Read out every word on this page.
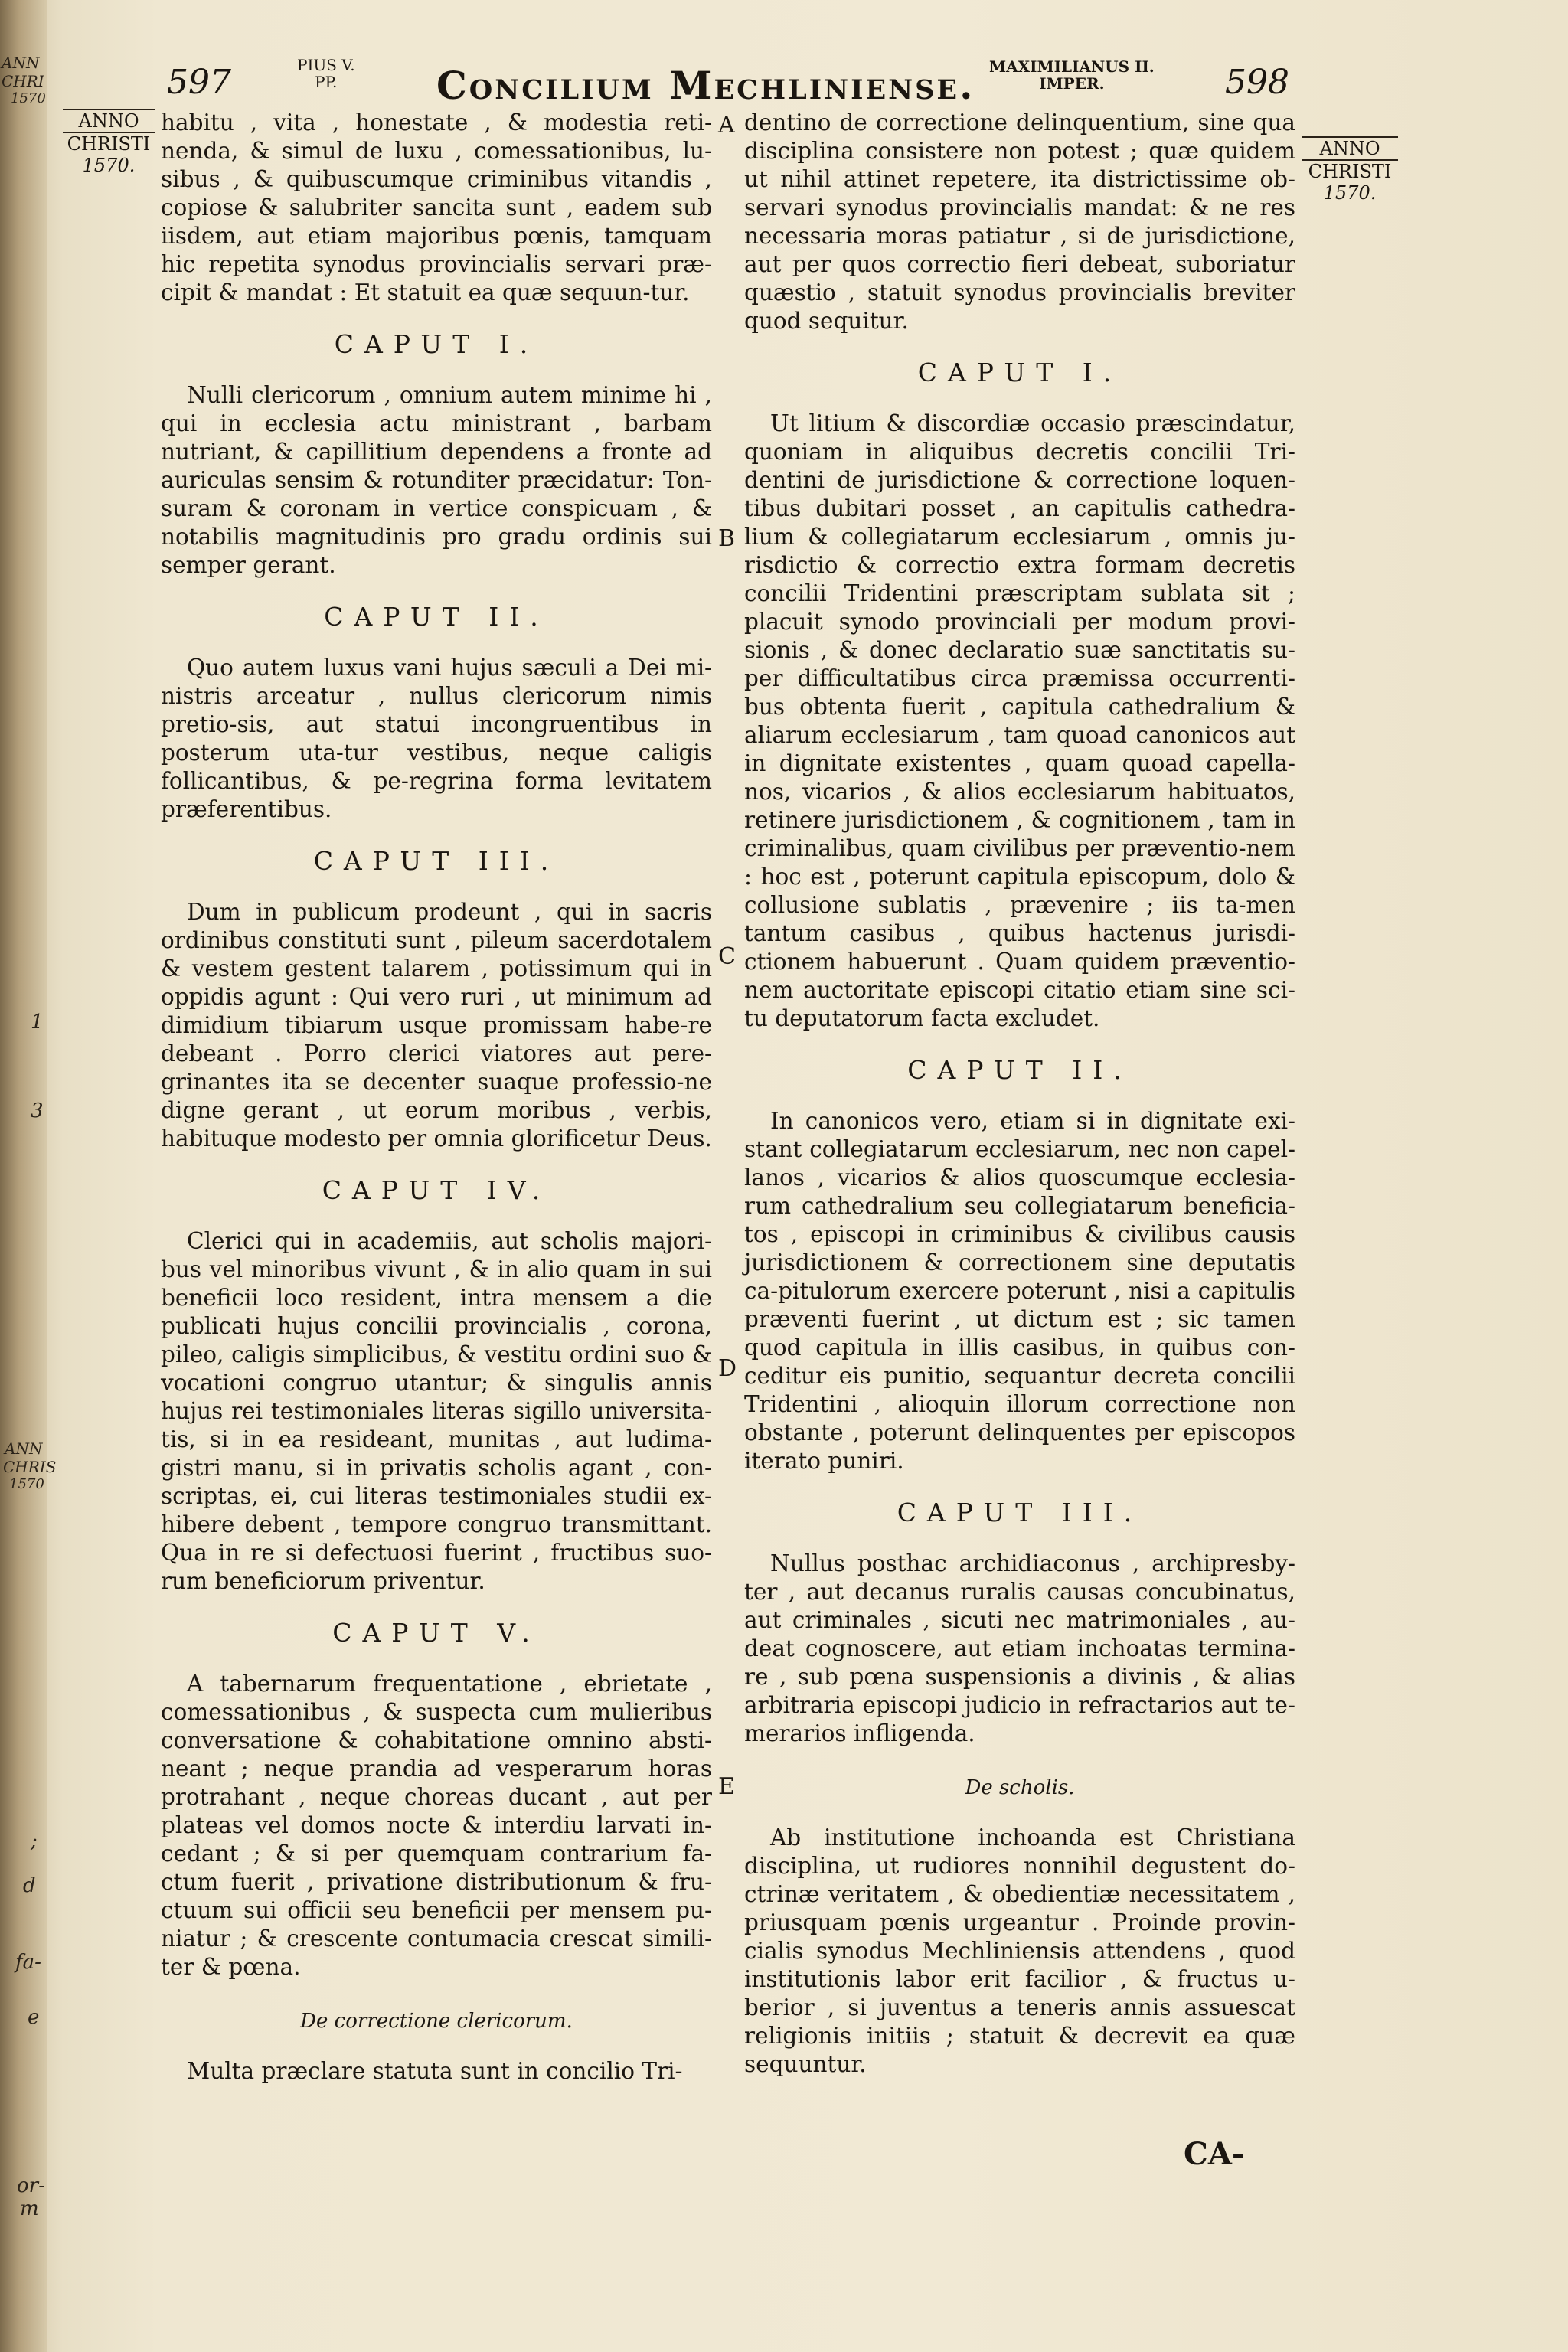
ANN
CHRI
1570
1
3
ANN
CHRIS
1570
;
d
fa-
e
or-
m
597	PIUS V.
PP.	Concilium Mechliniense. MAXIMILIANUS II.
IMPER.	598
ANNO
CHRISTI
1570.
ANNO
CHRISTI
1570.
A
B
C
D
E

habitu , vita , honestate , & modestia reti-nenda, & simul de luxu , comessationibus, lu-sibus , & quibuscumque criminibus vitandis , copiose & salubriter sancita sunt , eadem sub iisdem, aut etiam majoribus pœnis, tamquam hic repetita synodus provincialis servari præ-cipit & mandat : Et statuit ea quæ sequun-tur.

CAPUT I.

Nulli clericorum , omnium autem minime hi , qui in ecclesia actu ministrant , barbam nutriant, & capillitium dependens a fronte ad auriculas sensim & rotunditer præcidatur: Ton-suram & coronam in vertice conspicuam , & notabilis magnitudinis pro gradu ordinis sui semper gerant.

CAPUT II.

Quo autem luxus vani hujus sæculi a Dei mi-nistris arceatur , nullus clericorum nimis pretio-sis, aut statui incongruentibus in posterum uta-tur vestibus, neque caligis follicantibus, & pe-regrina forma levitatem præferentibus.

CAPUT III.

Dum in publicum prodeunt , qui in sacris ordinibus constituti sunt , pileum sacerdotalem & vestem gestent talarem , potissimum qui in oppidis agunt : Qui vero ruri , ut minimum ad dimidium tibiarum usque promissam habe-re debeant . Porro clerici viatores aut pere-grinantes ita se decenter suaque professio-ne digne gerant , ut eorum moribus , verbis, habituque modesto per omnia glorificetur Deus.

CAPUT IV.

Clerici qui in academiis, aut scholis majori-bus vel minoribus vivunt , & in alio quam in sui beneficii loco resident, intra mensem a die publicati hujus concilii provincialis , corona, pileo, caligis simplicibus, & vestitu ordini suo & vocationi congruo utantur; & singulis annis hujus rei testimoniales literas sigillo universita-tis, si in ea resideant, munitas , aut ludima-gistri manu, si in privatis scholis agant , con-scriptas, ei, cui literas testimoniales studii ex-hibere debent , tempore congruo transmittant. Qua in re si defectuosi fuerint , fructibus suo-rum beneficiorum priventur.

CAPUT V.

A tabernarum frequentatione , ebrietate , comessationibus , & suspecta cum mulieribus conversatione & cohabitatione omnino absti-neant ; neque prandia ad vesperarum horas protrahant , neque choreas ducant , aut per plateas vel domos nocte & interdiu larvati in-cedant ; & si per quemquam contrarium fa-ctum fuerit , privatione distributionum & fru-ctuum sui officii seu beneficii per mensem pu-niatur ; & crescente contumacia crescat simili-ter & pœna.

De correctione clericorum.

Multa præclare statuta sunt in concilio Tri-

dentino de correctione delinquentium, sine qua disciplina consistere non potest ; quæ quidem ut nihil attinet repetere, ita districtissime ob-servari synodus provincialis mandat: & ne res necessaria moras patiatur , si de jurisdictione, aut per quos correctio fieri debeat, suboriatur quæstio , statuit synodus provincialis breviter quod sequitur.

CAPUT I.

Ut litium & discordiæ occasio præscindatur, quoniam in aliquibus decretis concilii Tri-dentini de jurisdictione & correctione loquen-tibus dubitari posset , an capitulis cathedra-lium & collegiatarum ecclesiarum , omnis ju-risdictio & correctio extra formam decretis concilii Tridentini præscriptam sublata sit ; placuit synodo provinciali per modum provi-sionis , & donec declaratio suæ sanctitatis su-per difficultatibus circa præmissa occurrenti-bus obtenta fuerit , capitula cathedralium & aliarum ecclesiarum , tam quoad canonicos aut in dignitate existentes , quam quoad capella-nos, vicarios , & alios ecclesiarum habituatos, retinere jurisdictionem , & cognitionem , tam in criminalibus, quam civilibus per præventio-nem : hoc est , poterunt capitula episcopum, dolo & collusione sublatis , prævenire ; iis ta-men tantum casibus , quibus hactenus jurisdi-ctionem habuerunt . Quam quidem præventio-nem auctoritate episcopi citatio etiam sine sci-tu deputatorum facta excludet.

CAPUT II.

In canonicos vero, etiam si in dignitate exi-stant collegiatarum ecclesiarum, nec non capel-lanos , vicarios & alios quoscumque ecclesia-rum cathedralium seu collegiatarum beneficia-tos , episcopi in criminibus & civilibus causis jurisdictionem & correctionem sine deputatis ca-pitulorum exercere poterunt , nisi a capitulis præventi fuerint , ut dictum est ; sic tamen quod capitula in illis casibus, in quibus con-ceditur eis punitio, sequantur decreta concilii Tridentini , alioquin illorum correctione non obstante , poterunt delinquentes per episcopos iterato puniri.

CAPUT III.

Nullus posthac archidiaconus , archipresby-ter , aut decanus ruralis causas concubinatus, aut criminales , sicuti nec matrimoniales , au-deat cognoscere, aut etiam inchoatas termina-re , sub pœna suspensionis a divinis , & alias arbitraria episcopi judicio in refractarios aut te-merarios infligenda.

De scholis.

Ab institutione inchoanda est Christiana disciplina, ut rudiores nonnihil degustent do-ctrinæ veritatem , & obedientiæ necessitatem , priusquam pœnis urgeantur . Proinde provin-cialis synodus Mechliniensis attendens , quod institutionis labor erit facilior , & fructus u-berior , si juventus a teneris annis assuescat religionis initiis ; statuit & decrevit ea quæ sequuntur.

CA-
